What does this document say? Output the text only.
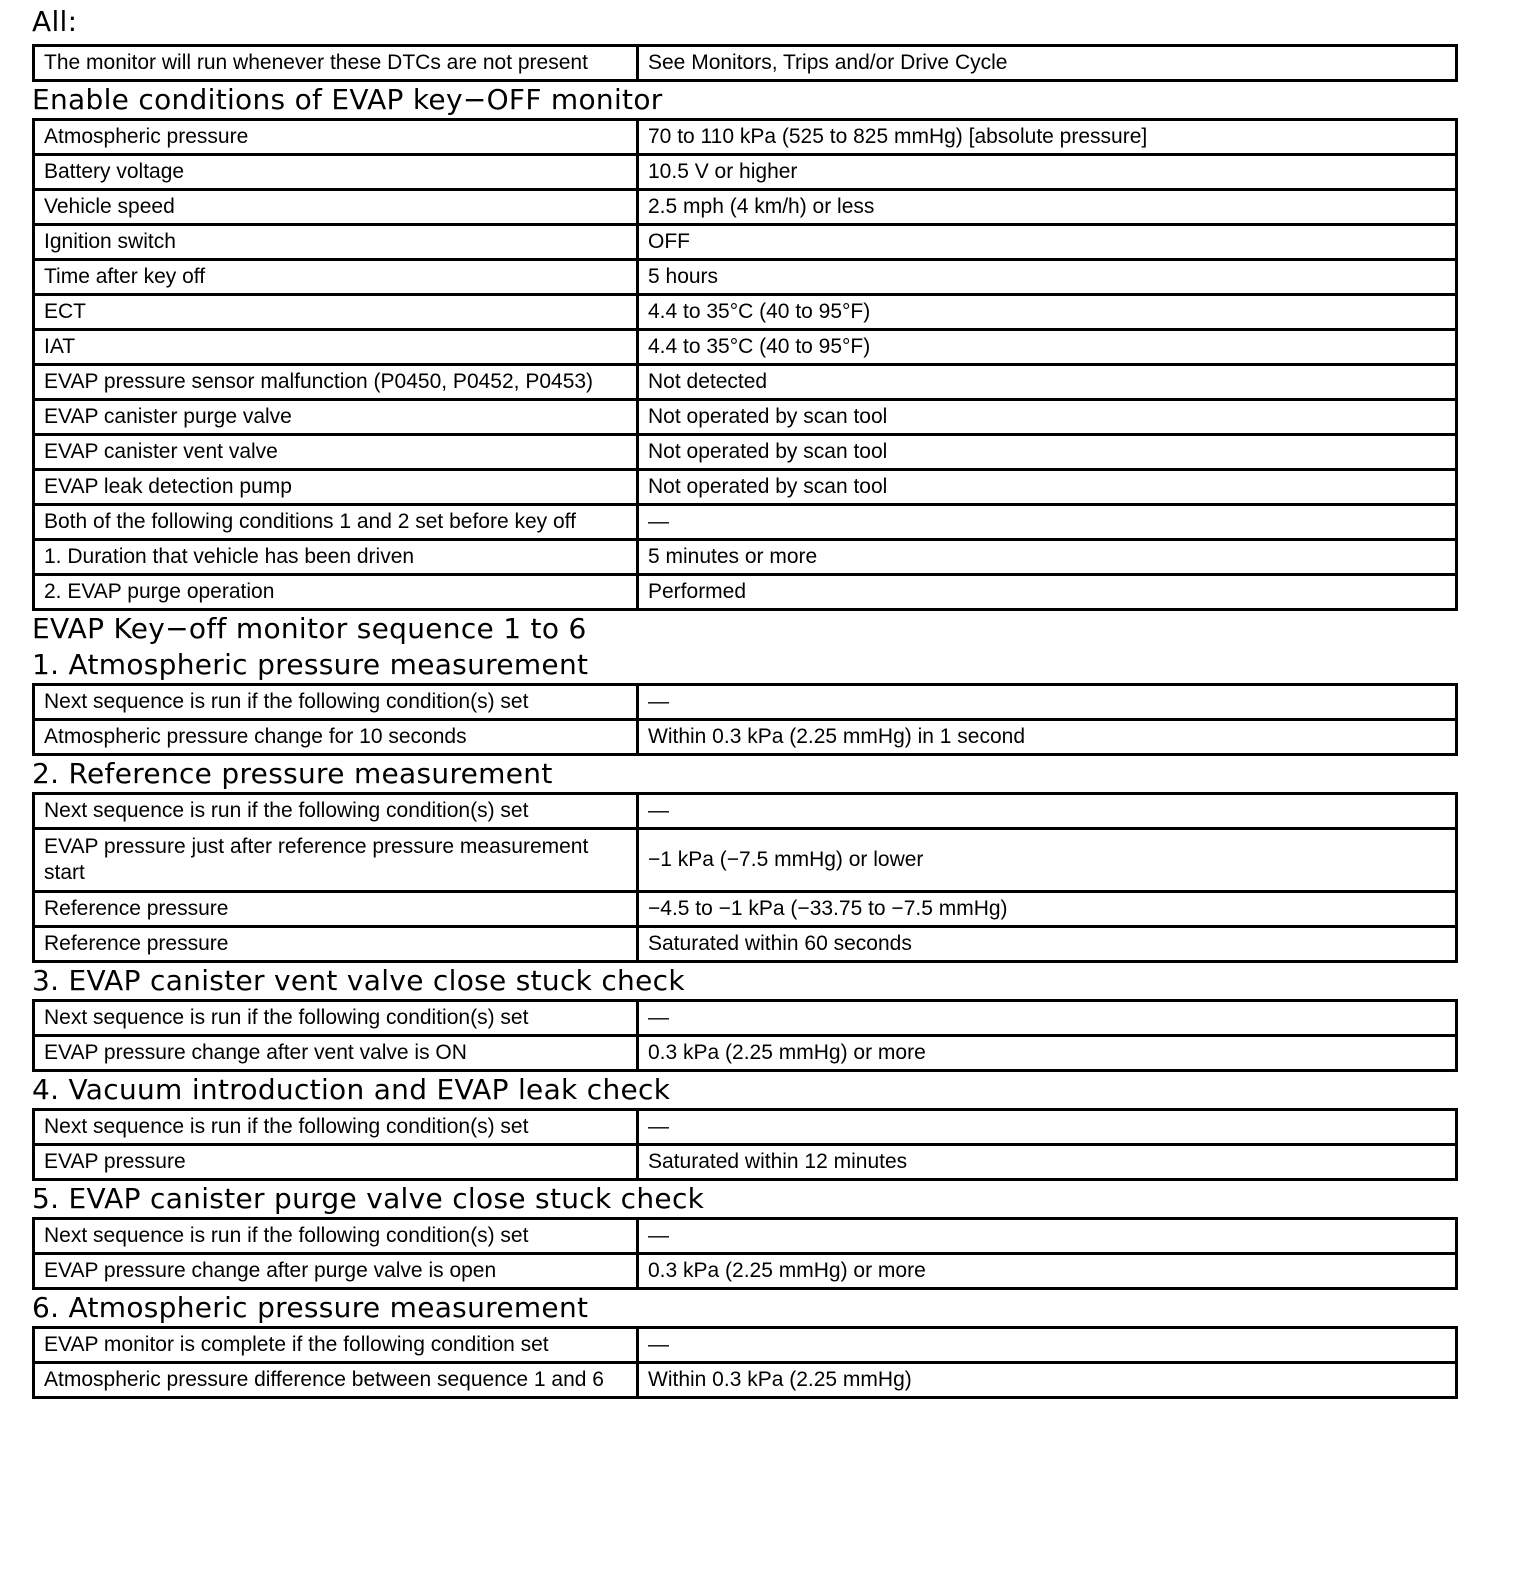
All:
The monitor will run whenever these DTCs are not present	See Monitors, Trips and/or Drive Cycle
Enable conditions of EVAP key−OFF monitor
Atmospheric pressure	70 to 110 kPa (525 to 825 mmHg) [absolute pressure]
Battery voltage	10.5 V or higher
Vehicle speed	2.5 mph (4 km/h) or less
Ignition switch	OFF
Time after key off	5 hours
ECT	4.4 to 35°C (40 to 95°F)
IAT	4.4 to 35°C (40 to 95°F)
EVAP pressure sensor malfunction (P0450, P0452, P0453)	Not detected
EVAP canister purge valve	Not operated by scan tool
EVAP canister vent valve	Not operated by scan tool
EVAP leak detection pump	Not operated by scan tool
Both of the following conditions 1 and 2 set before key off	—
1. Duration that vehicle has been driven	5 minutes or more
2. EVAP purge operation	Performed
EVAP Key−off monitor sequence 1 to 6
1. Atmospheric pressure measurement
Next sequence is run if the following condition(s) set	—
Atmospheric pressure change for 10 seconds	Within 0.3 kPa (2.25 mmHg) in 1 second
2. Reference pressure measurement
Next sequence is run if the following condition(s) set	—
EVAP pressure just after reference pressure measurement start	−1 kPa (−7.5 mmHg) or lower
Reference pressure	−4.5 to −1 kPa (−33.75 to −7.5 mmHg)
Reference pressure	Saturated within 60 seconds
3. EVAP canister vent valve close stuck check
Next sequence is run if the following condition(s) set	—
EVAP pressure change after vent valve is ON	0.3 kPa (2.25 mmHg) or more
4. Vacuum introduction and EVAP leak check
Next sequence is run if the following condition(s) set	—
EVAP pressure	Saturated within 12 minutes
5. EVAP canister purge valve close stuck check
Next sequence is run if the following condition(s) set	—
EVAP pressure change after purge valve is open	0.3 kPa (2.25 mmHg) or more
6. Atmospheric pressure measurement
EVAP monitor is complete if the following condition set	—
Atmospheric pressure difference between sequence 1 and 6	Within 0.3 kPa (2.25 mmHg)
